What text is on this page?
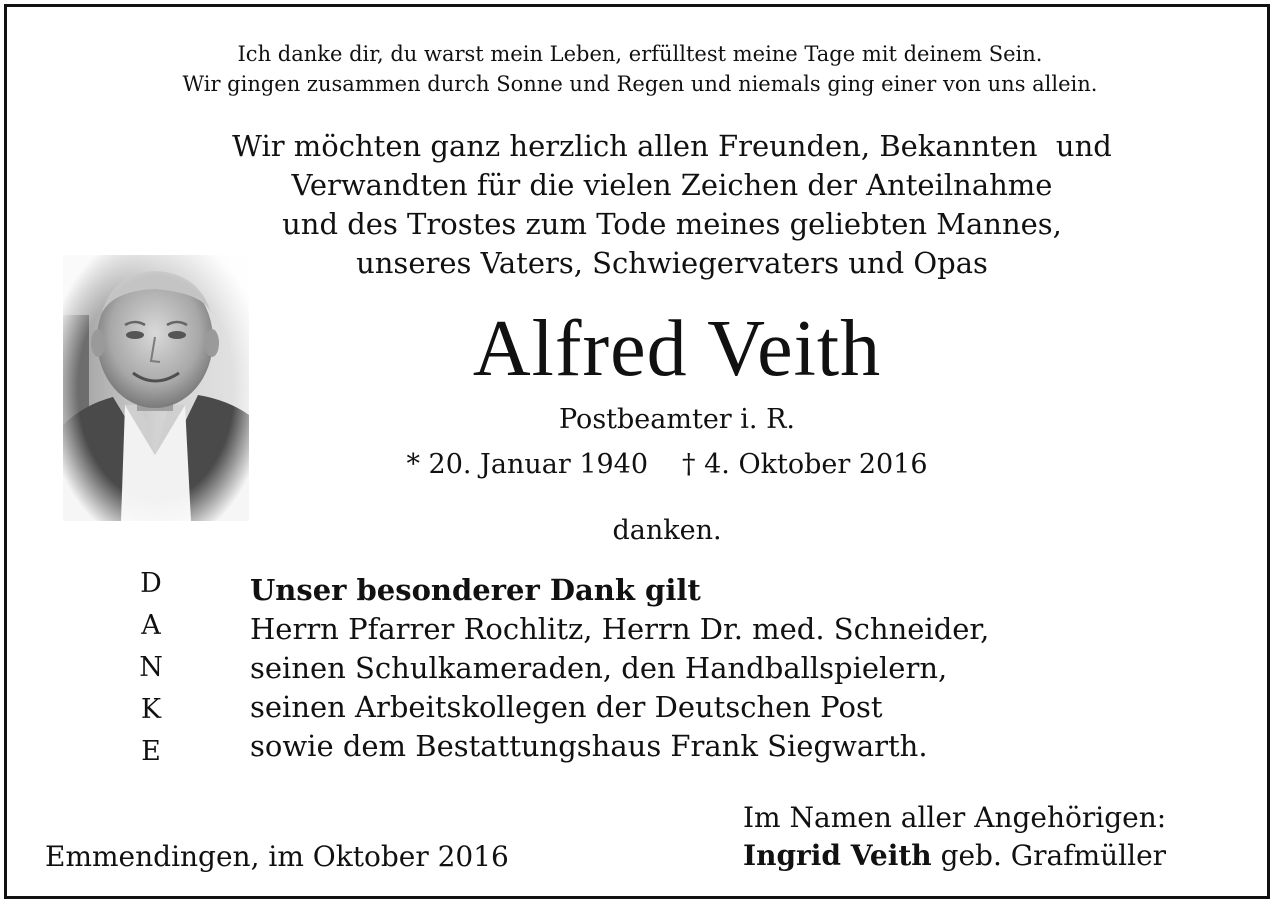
Ich danke dir, du warst mein Leben, erfülltest meine Tage mit deinem Sein.
Wir gingen zusammen durch Sonne und Regen und niemals ging einer von uns allein.
Wir möchten ganz herzlich allen Freunden, Bekannten  und
Verwandten für die vielen Zeichen der Anteilnahme
und des Trostes zum Tode meines geliebten Mannes,
unseres Vaters, Schwiegervaters und Opas
Alfred Veith
Postbeamter i. R.
* 20. Januar 1940 † 4. Oktober 2016
danken.
D
A
N
K
E
Unser besonderer Dank gilt
Herrn Pfarrer Rochlitz, Herrn Dr. med. Schneider,
seinen Schulkameraden, den Handballspielern,
seinen Arbeitskollegen der Deutschen Post
sowie dem Bestattungshaus Frank Siegwarth.
Emmendingen, im Oktober 2016
Im Namen aller Angehörigen:
Ingrid Veith geb. Grafmüller
